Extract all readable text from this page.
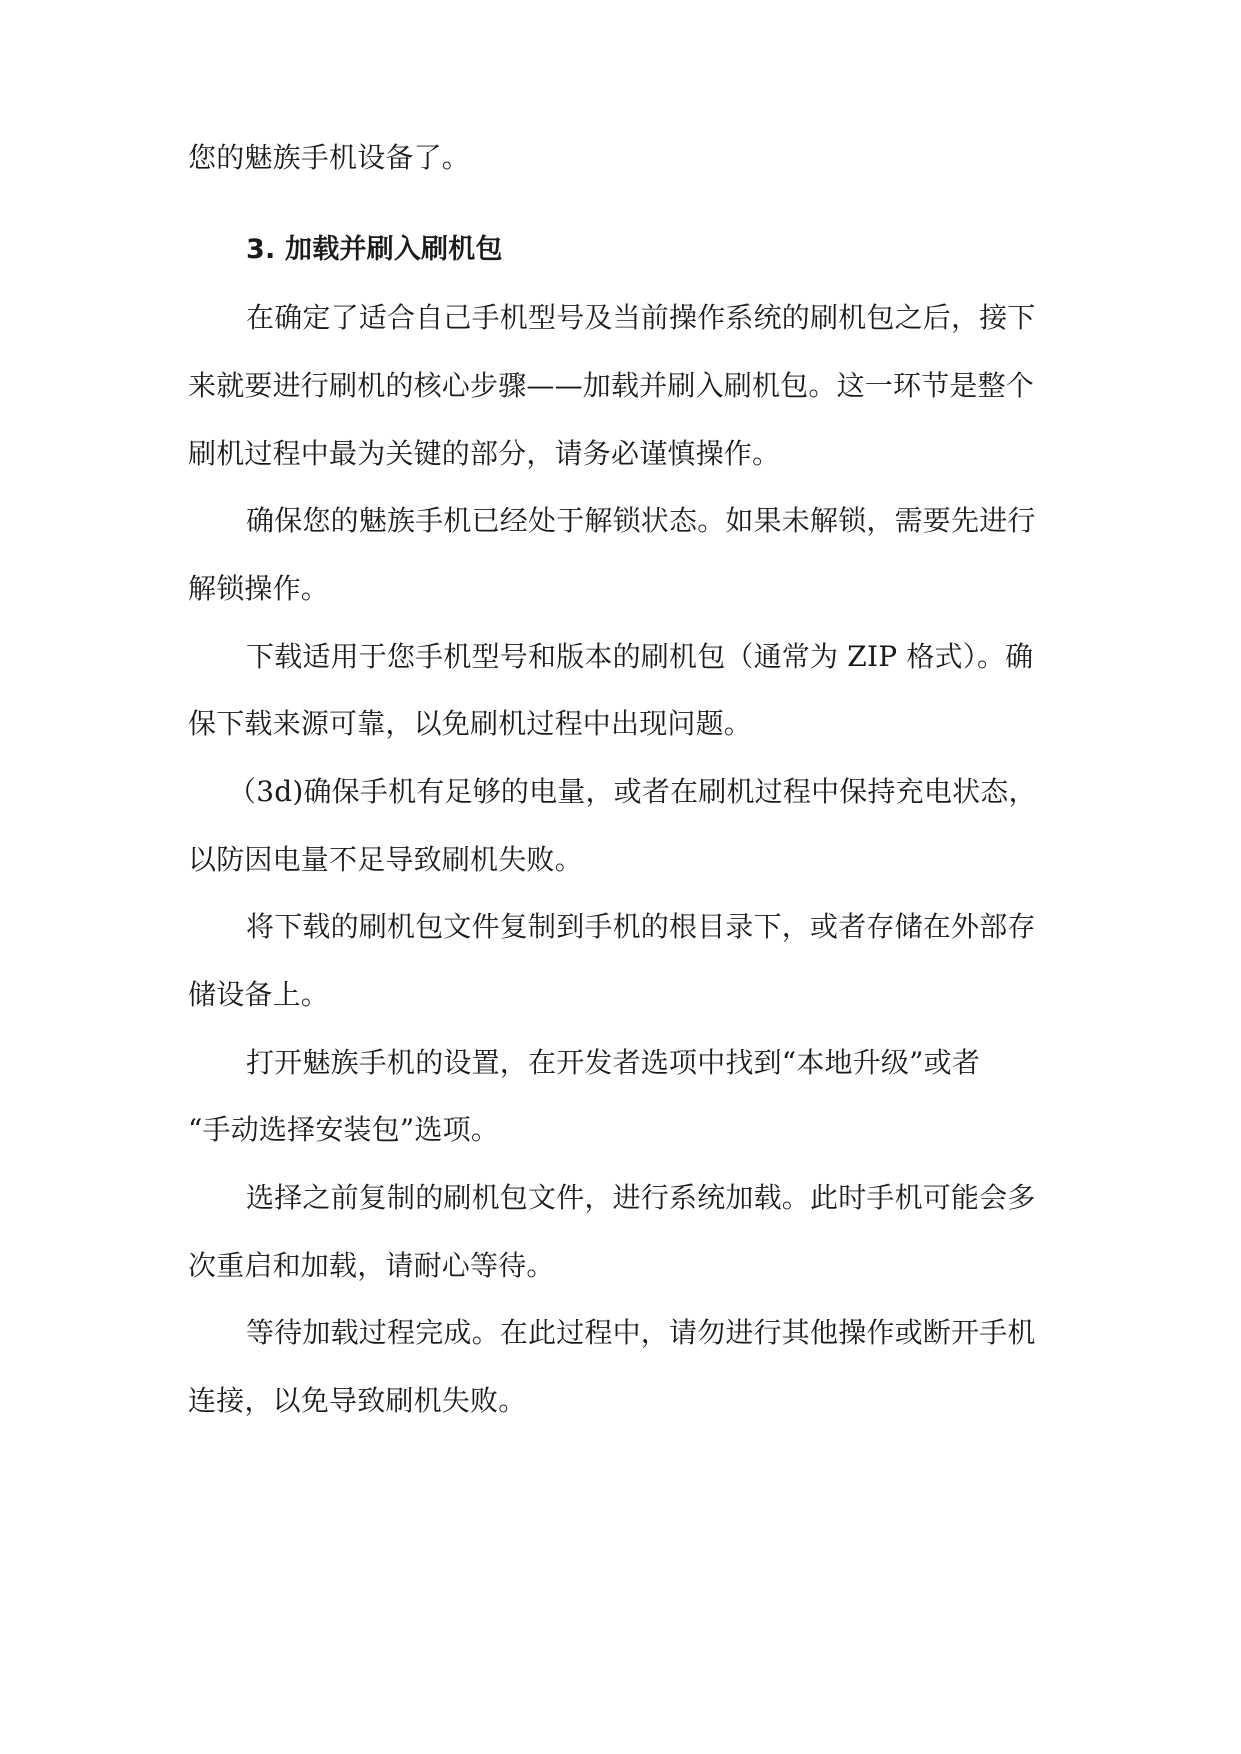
您的魅族手机设备了。
3. 加载并刷入刷机包
在确定了适合自己手机型号及当前操作系统的刷机包之后，接下
来就要进行刷机的核心步骤——加载并刷入刷机包。这一环节是整个
刷机过程中最为关键的部分，请务必谨慎操作。
确保您的魅族手机已经处于解锁状态。如果未解锁，需要先进行
解锁操作。
下载适用于您手机型号和版本的刷机包（通常为 ZIP 格式）。确
保下载来源可靠，以免刷机过程中出现问题。
（3d)确保手机有足够的电量，或者在刷机过程中保持充电状态，
以防因电量不足导致刷机失败。
将下载的刷机包文件复制到手机的根目录下，或者存储在外部存
储设备上。
打开魅族手机的设置，在开发者选项中找到“本地升级”或者
“手动选择安装包”选项。
选择之前复制的刷机包文件，进行系统加载。此时手机可能会多
次重启和加载，请耐心等待。
等待加载过程完成。在此过程中，请勿进行其他操作或断开手机
连接，以免导致刷机失败。
